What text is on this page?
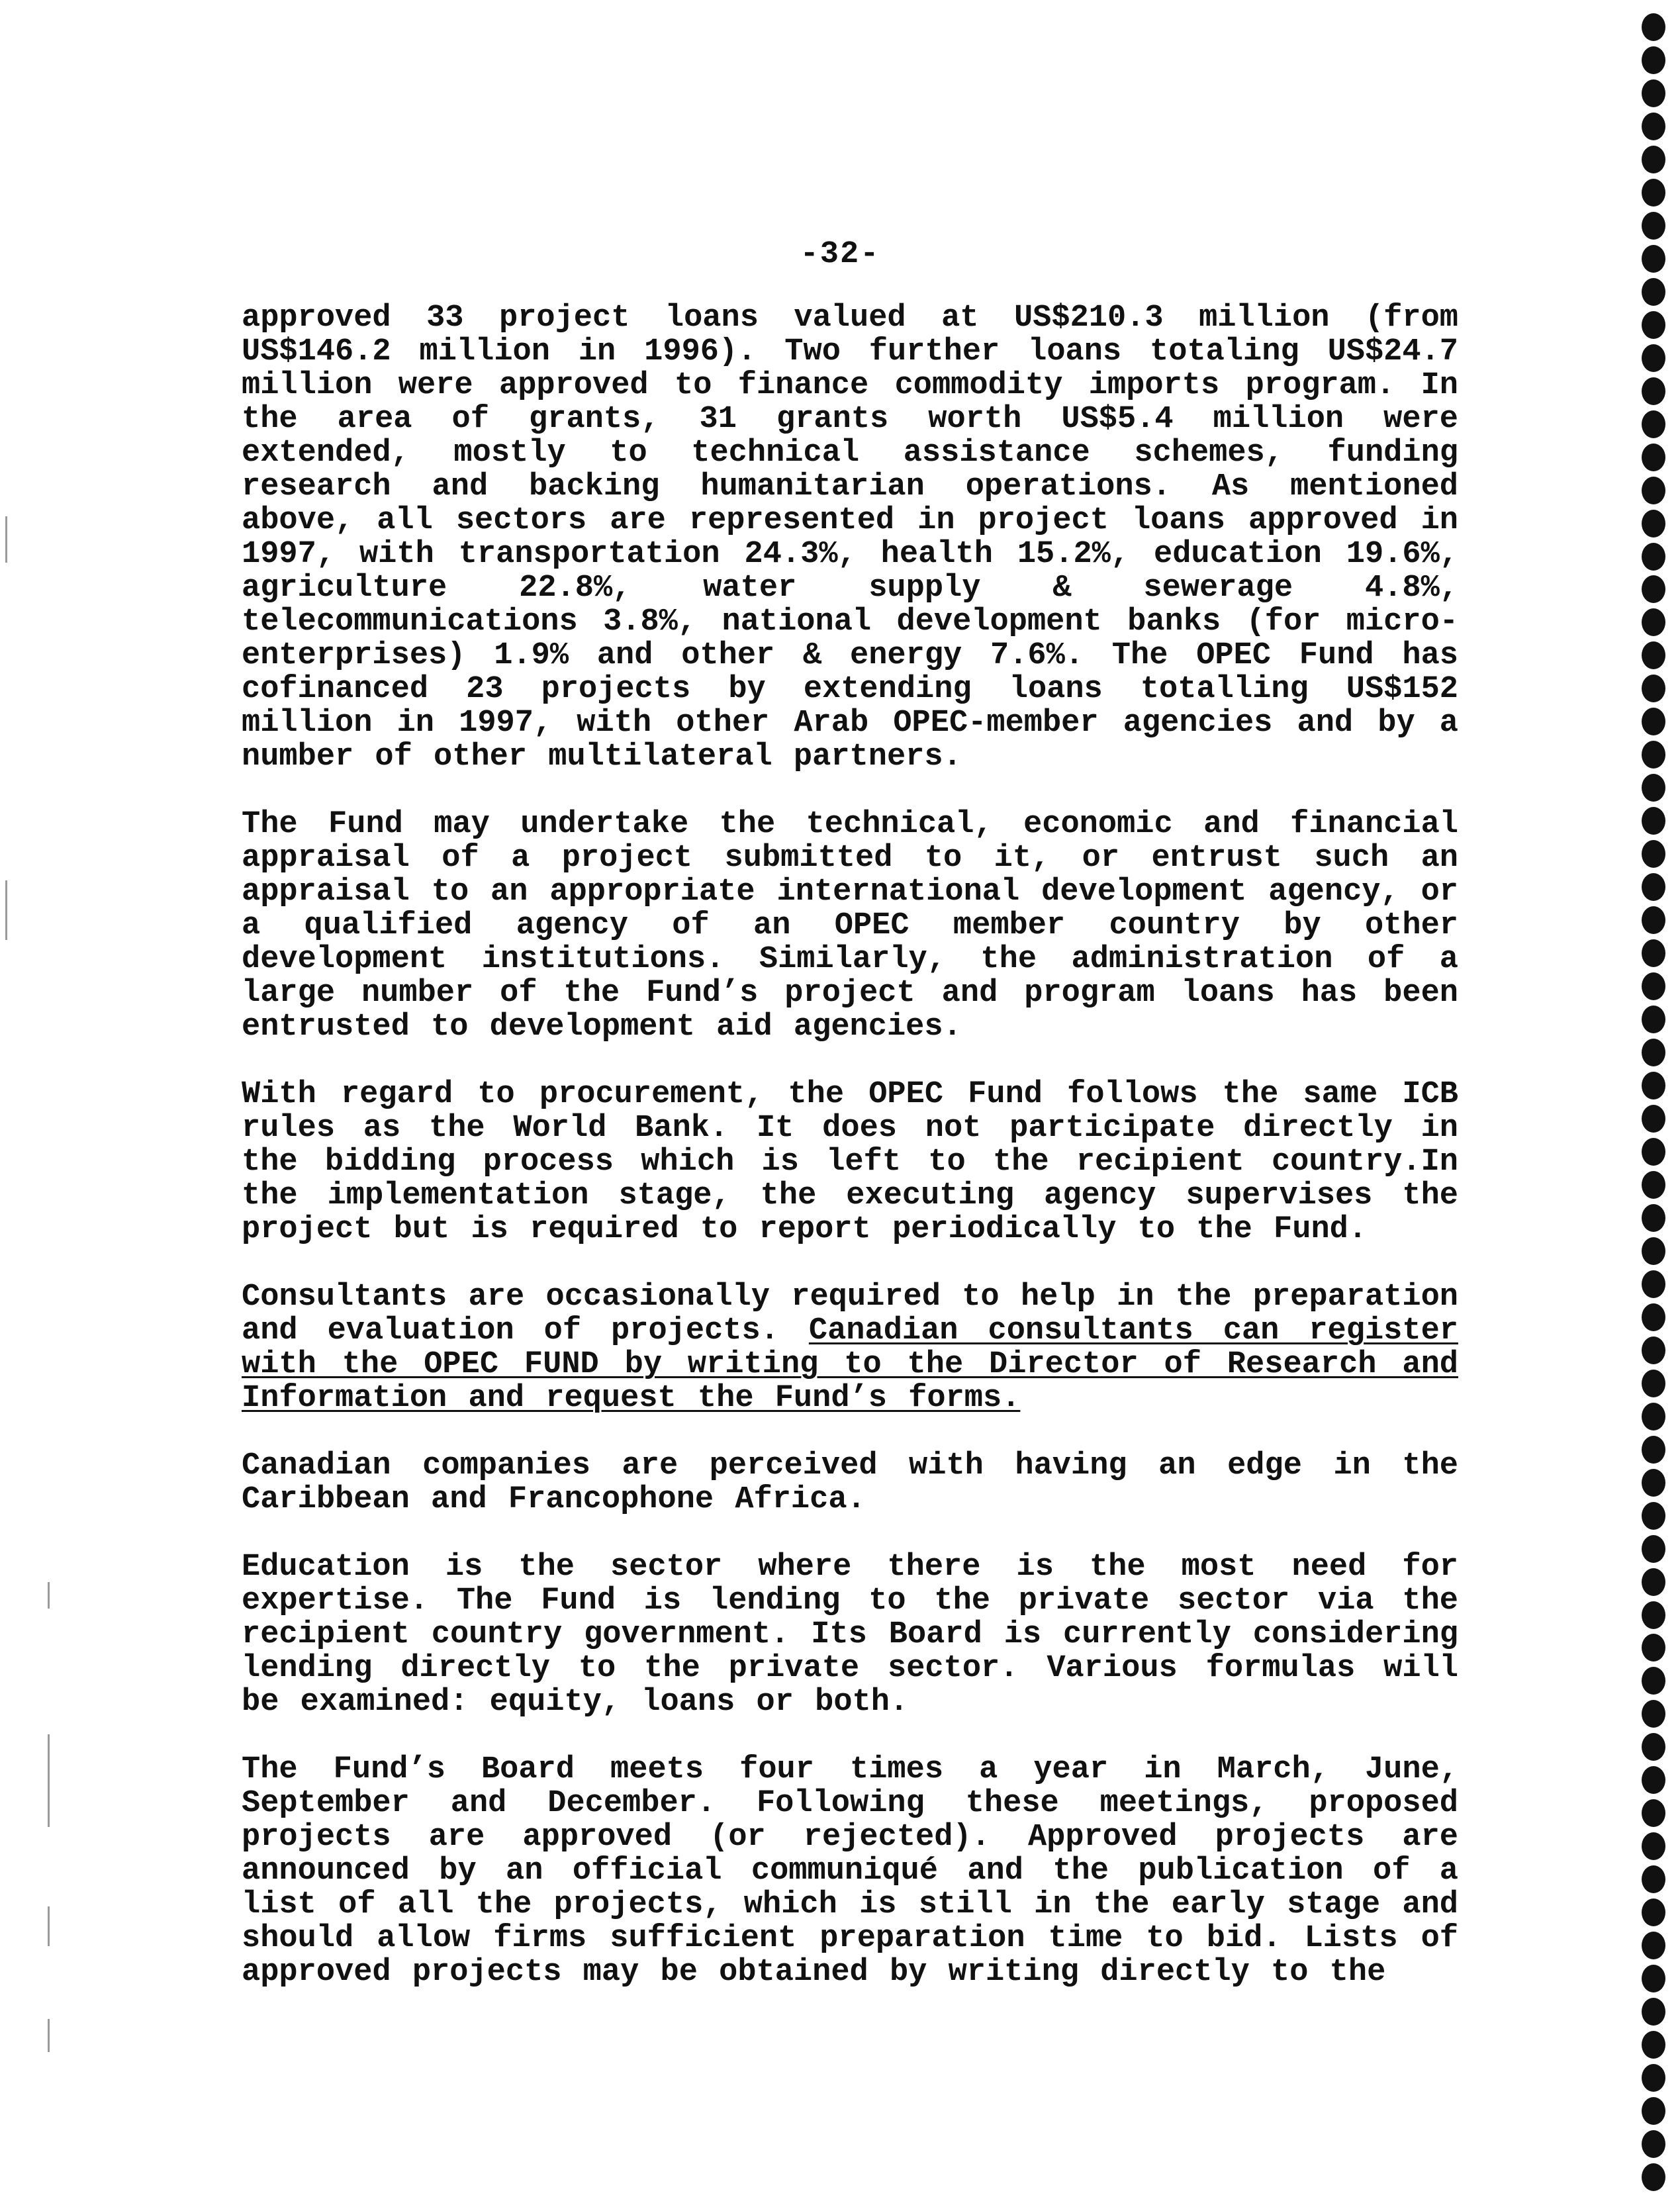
-32-

approved 33 project loans valued at US$210.3 million (from US$146.2 million in 1996). Two further loans totaling US$24.7 million were approved to finance commodity imports program. In the area of grants, 31 grants worth US$5.4 million were extended, mostly to technical assistance schemes, funding research and backing humanitarian operations. As mentioned above, all sectors are represented in project loans approved in 1997, with transportation 24.3%, health 15.2%, education 19.6%, agriculture 22.8%, water supply & sewerage 4.8%, telecommunications 3.8%, national development banks (for micro-enterprises) 1.9% and other & energy 7.6%. The OPEC Fund has cofinanced 23 projects by extending loans totalling US$152 million in 1997, with other Arab OPEC-member agencies and by a number of other multilateral partners.

The Fund may undertake the technical, economic and financial appraisal of a project submitted to it, or entrust such an appraisal to an appropriate international development agency, or a qualified agency of an OPEC member country by other development institutions. Similarly, the administration of a large number of the Fund’s project and program loans has been entrusted to development aid agencies.

With regard to procurement, the OPEC Fund follows the same ICB rules as the World Bank. It does not participate directly in the bidding process which is left to the recipient country.In the implementation stage, the executing agency supervises the project but is required to report periodically to the Fund.

Consultants are occasionally required to help in the preparation and evaluation of projects. Canadian consultants can register with the OPEC FUND by writing to the Director of Research and Information and request the Fund’s forms.

Canadian companies are perceived with having an edge in the Caribbean and Francophone Africa.

Education is the sector where there is the most need for expertise. The Fund is lending to the private sector via the recipient country government. Its Board is currently considering lending directly to the private sector. Various formulas will be examined: equity, loans or both.

The Fund’s Board meets four times a year in March, June, September and December. Following these meetings, proposed projects are approved (or rejected). Approved projects are announced by an official communiqué and the publication of a list of all the projects, which is still in the early stage and should allow firms sufficient preparation time to bid. Lists of approved projects may be obtained by writing directly to the
